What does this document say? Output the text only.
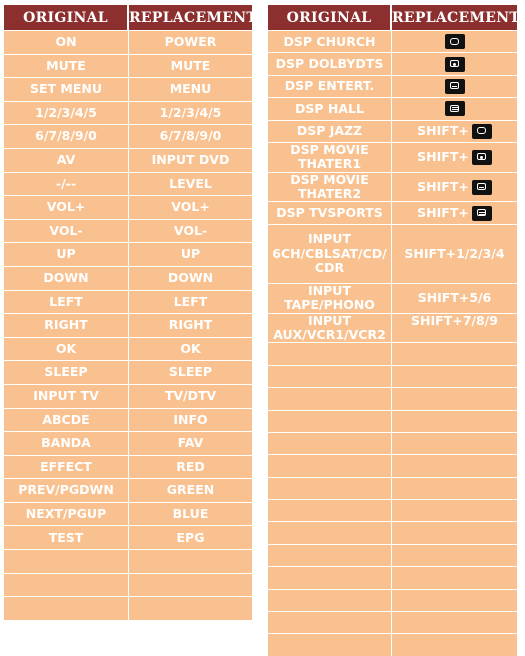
ORIGINAL	REPLACEMENT
ON	POWER
MUTE	MUTE
SET MENU	MENU
1/2/3/4/5	1/2/3/4/5
6/7/8/9/0	6/7/8/9/0
AV	INPUT DVD
-/--	LEVEL
VOL+	VOL+
VOL-	VOL-
UP	UP
DOWN	DOWN
LEFT	LEFT
RIGHT	RIGHT
OK	OK
SLEEP	SLEEP
INPUT TV	TV/DTV
ABCDE	INFO
BANDA	FAV
EFFECT	RED
PREV/PGDWN	GREEN
NEXT/PGUP	BLUE
TEST	EPG

ORIGINAL	REPLACEMENT
DSP CHURCH	
DSP DOLBYDTS	
DSP ENTERT.	
DSP HALL	
DSP JAZZ	SHIFT+
DSP MOVIE THATER1	SHIFT+
DSP MOVIE THATER2	SHIFT+
DSP TVSPORTS	SHIFT+
INPUT 6CH/CBLSAT/CD/ CDR	SHIFT+1/2/3/4
INPUT TAPE/PHONO	SHIFT+5/6
INPUT AUX/VCR1/VCR2	SHIFT+7/8/9
